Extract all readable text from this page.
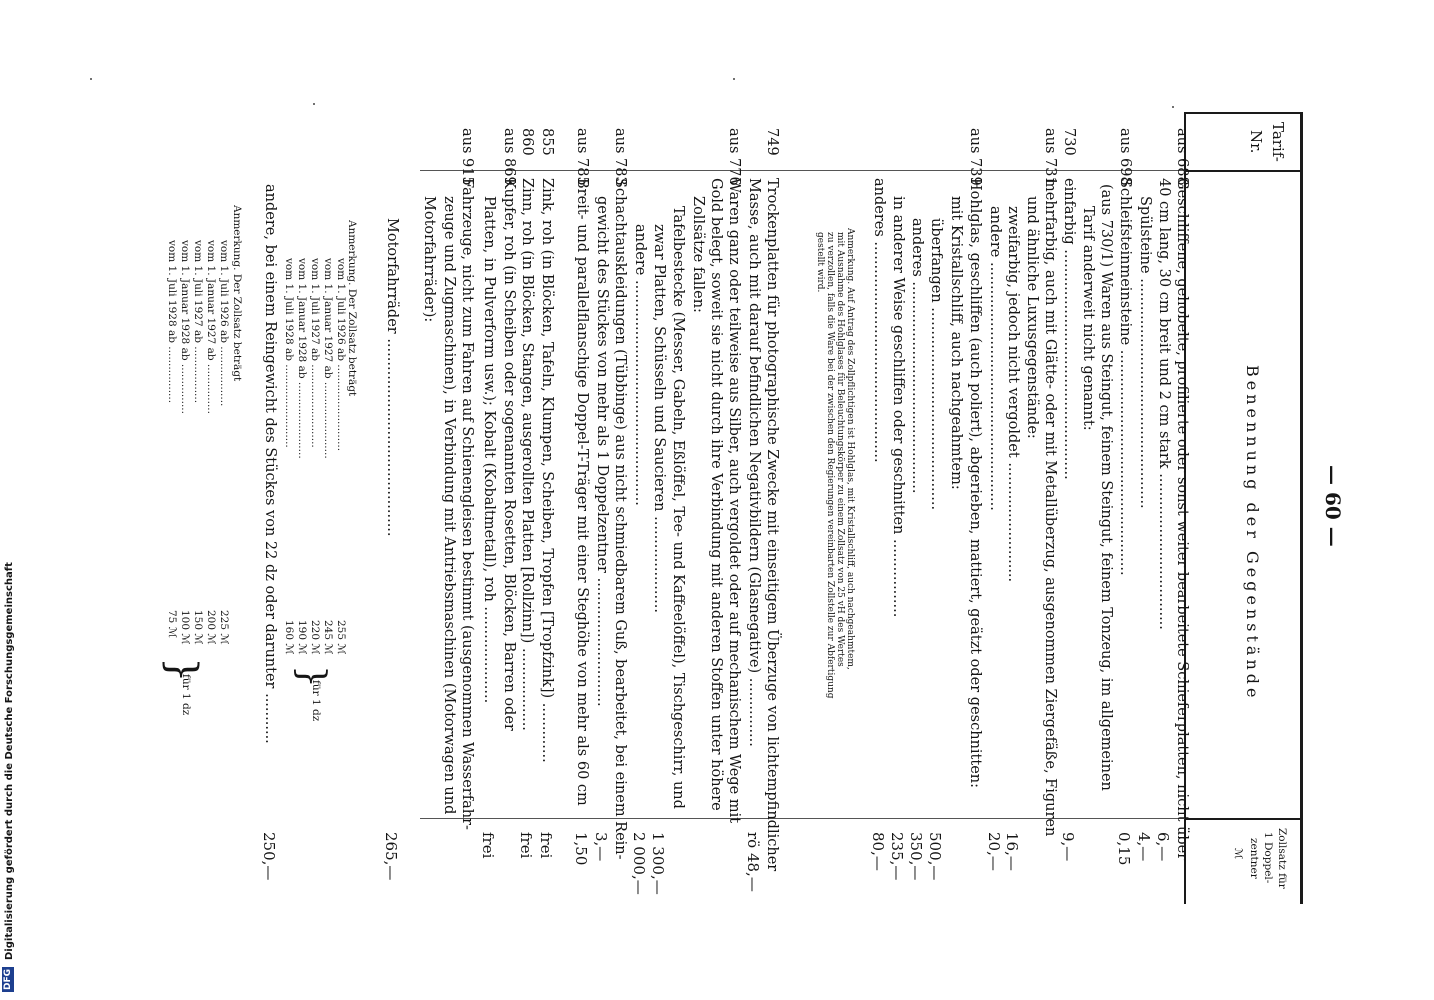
— 60 —
Tarif-
Nr.
Benennung der Gegenstände
Zollsatz für
1 Doppel-
zentner
ℳ
aus 688
Geschliffene, gehobelte, profilierte oder sonst weiter bearbeitete Schieferplatten, nicht über
40 cm lang, 30 cm breit und 2 cm stark ..................................
6,—
Spülsteine ..................................................
4,—
aus 698
Schleifsteinmeinsteine .................................................
0,15
(aus 730/1) Waren aus Steingut, feinem Steingut, feinem Tonzeug, im allgemeinen
Tarif anderweit nicht genannt:
730
einfarbig ..................................................
9,—
aus 731
mehrfarbig, auch mit Glätte- oder mit Metallüberzug, ausgenommen Ziergefäße, Figuren
und ähnliche Luxusgegenstände:
zweifarbig, jedoch nicht vergoldet ..........................
16,—
andere ......................................................
20,—
aus 739
Hohlglas, geschliffen (auch poliert), abgerieben, mattiert, geätzt oder geschnitten:
mit Kristallschliff, auch nachgeahmtem:
überfangen ............................................
500,—
anderes ..............................................
350,—
in anderer Weise geschliffen oder geschnitten .................
235,—
anderes ................................................
80,—
749
Trockenplatten für photographische Zwecke mit einseitigem Überzuge von lichtempfindlicher
Masse, auch mit darauf befindlichen Negativbildern (Glasnegative) ...............
rö 48,—
aus 776
Waren ganz oder teilweise aus Silber, auch vergoldet oder auf mechanischem Wege mit
Gold belegt, soweit sie nicht durch ihre Verbindung mit anderen Stoffen unter höhere
Zollsätze fallen:
Tafelbestecke (Messer, Gabeln, Eßlöffel, Tee- und Kaffeelöffel), Tischgeschirr, und
zwar Platten, Schüsseln und Saucieren .....................
1 300,—
andere .................................................
2 000,—
aus 783
Schachtauskleidungen (Tübbinge) aus nicht schmiedbarem Guß, bearbeitet, bei einem Rein-
gewicht des Stückes von mehr als 1 Doppelzentner ............................
3,—
aus 785
Breit- und parallelflanschige Doppel-T-Träger mit einer Steghöhe von mehr als 60 cm
1,50
855
Zink, roh (in Blöcken, Tafeln, Klumpen, Scheiben, Tropfen [Tropfzink]) .............
frei
860
Zinn, roh (in Blöcken, Stangen, ausgerollten Platten [Rollzinn]) ..................
frei
aus 869
Kupfer, roh (in Scheiben oder sogenannten Rosetten, Blöcken, Barren oder
Platten, in Pulverform usw.); Kobalt (Kobaltmetall), roh .....................
frei
aus 915
Fahrzeuge, nicht zum Fahren auf Schienengleisen bestimmt (ausgenommen Wasserfahr-
zeuge und Zugmaschinen), in Verbindung mit Antriebsmaschinen (Motorwagen und
Motorfahrräder):
Motorfahrräder ...........................................
265,—
andere, bei einem Reingewicht des Stückes von 22 dz oder darunter ...........
250,—
Anmerkung. Auf Antrag des Zollpflichtigen ist Hohlglas, mit Kristallschliff, auch nachgeahmtem,
mit Ausnahme des Hohlglases für Beleuchtungskörper zu einem Zollsatz von 25 vH des Wertes
zu verzollen, falls die Ware bei der zwischen den Regierungen vereinbarten Zollstelle zur Abfertigung
gestellt wird.
Anmerkung. Der Zollsatz beträgt
vom 1. Juli 1926 ab ..........................
255 ℳ
vom 1. Januar 1927 ab .......................
245 ℳ
vom 1. Juli 1927 ab .........................
220 ℳ
vom 1. Januar 1928 ab .......................
190 ℳ
vom 1. Juli 1928 ab .........................
160 ℳ
für 1 dz
}
Anmerkung. Der Zollsatz beträgt
vom 1. Juli 1926 ab ..................
225 ℳ
vom 1. Januar 1927 ab ...............
200 ℳ
vom 1. Juli 1927 ab .................
150 ℳ
vom 1. Januar 1928 ab ...............
100 ℳ
vom 1. Juli 1928 ab .................
75 ℳ
für 1 dz
}
Digitalisierung gefördert durch die Deutsche Forschungsgemeinschaft
DFG
